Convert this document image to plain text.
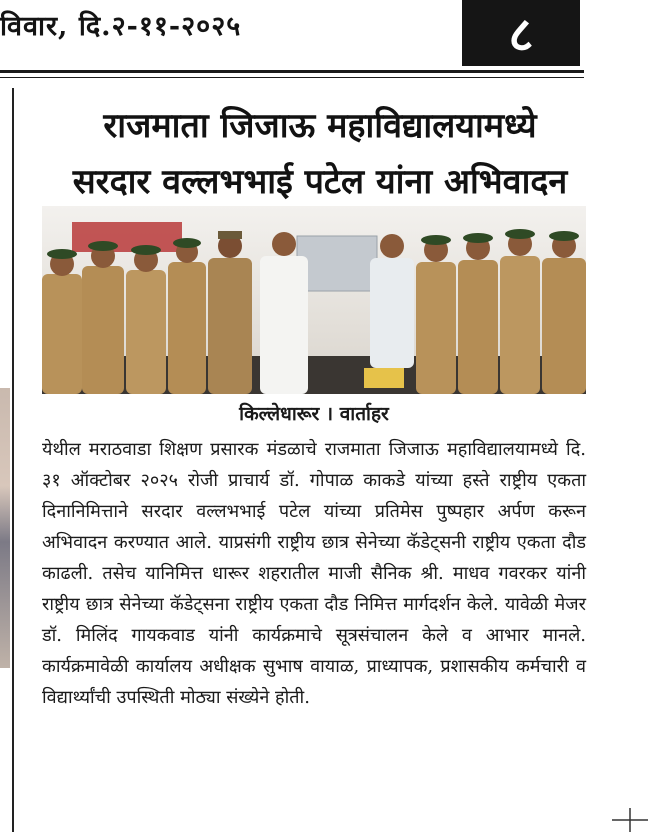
विवार, दि.२-११-२०२५	८
राजमाता जिजाऊ महाविद्यालयामध्ये
सरदार वल्लभभाई पटेल यांना अभिवादन
किल्लेधारूर । वार्ताहर

येथील मराठवाडा शिक्षण प्रसारक मंडळाचे राजमाता जिजाऊ महाविद्यालयामध्ये दि. ३१ ऑक्टोबर २०२५ रोजी प्राचार्य डॉ. गोपाळ काकडे यांच्या हस्ते राष्ट्रीय एकता दिनानिमित्ताने सरदार वल्लभभाई पटेल यांच्या प्रतिमेस पुष्पहार अर्पण करून अभिवादन करण्यात आले. याप्रसंगी राष्ट्रीय छात्र सेनेच्या कॅडेट्सनी राष्ट्रीय एकता दौड काढली. तसेच यानिमित्त धारूर शहरातील माजी सैनिक श्री. माधव गवरकर यांनी राष्ट्रीय छात्र सेनेच्या कॅडेट्सना राष्ट्रीय एकता दौड निमित्त मार्गदर्शन केले. यावेळी मेजर डॉ. मिलिंद गायकवाड यांनी कार्यक्रमाचे सूत्रसंचालन केले व आभार मानले. कार्यक्रमावेळी कार्यालय अधीक्षक सुभाष वायाळ, प्राध्यापक, प्रशासकीय कर्मचारी व विद्यार्थ्यांची उपस्थिती मोठ्या संख्येने होती.
